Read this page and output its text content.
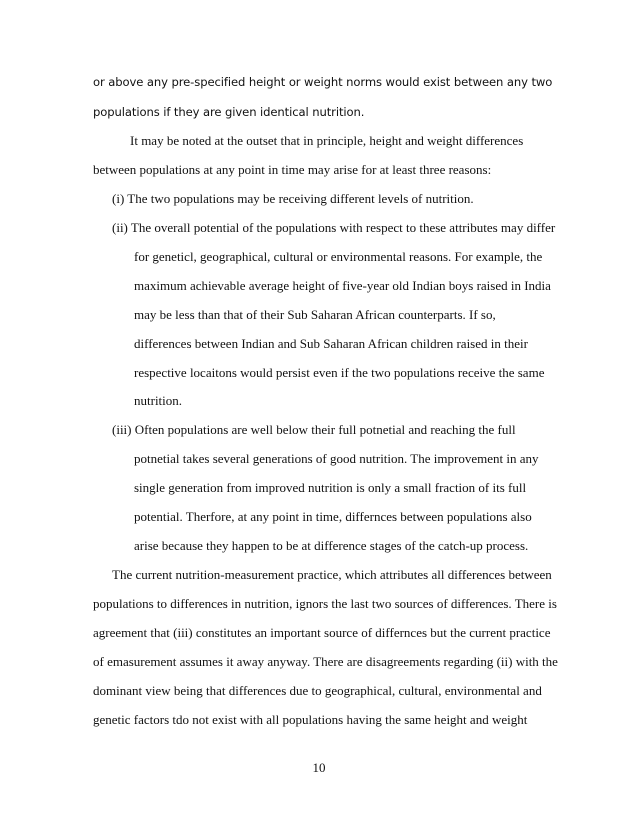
or above any pre-specified height or weight norms would exist between any two
populations if they are given identical nutrition.
It may be noted at the outset that in principle, height and weight differences
between populations at any point in time may arise for at least three reasons:
(i) The two populations may be receiving different levels of nutrition.
(ii) The overall potential of the populations with respect to these attributes may differ
for geneticl, geographical, cultural or environmental reasons. For example, the
maximum achievable average height of five-year old Indian boys raised in India
may be less than that of their Sub Saharan African counterparts. If so,
differences between Indian and Sub Saharan African children raised in their
respective locaitons would persist even if the two populations receive the same
nutrition.
(iii) Often populations are well below their full potnetial and reaching the full
potnetial takes several generations of good nutrition. The improvement in any
single generation from improved nutrition is only a small fraction of its full
potential. Therfore, at any point in time, differnces between populations also
arise because they happen to be at difference stages of the catch-up process.
The current nutrition-measurement practice, which attributes all differences between
populations to differences in nutrition, ignors the last two sources of differences. There is
agreement that (iii) constitutes an important source of differnces but the current practice
of emasurement assumes it away anyway. There are disagreements regarding (ii) with the
dominant view being that differences due to geographical, cultural, environmental and
genetic factors tdo not exist with all populations having the same height and weight
10
